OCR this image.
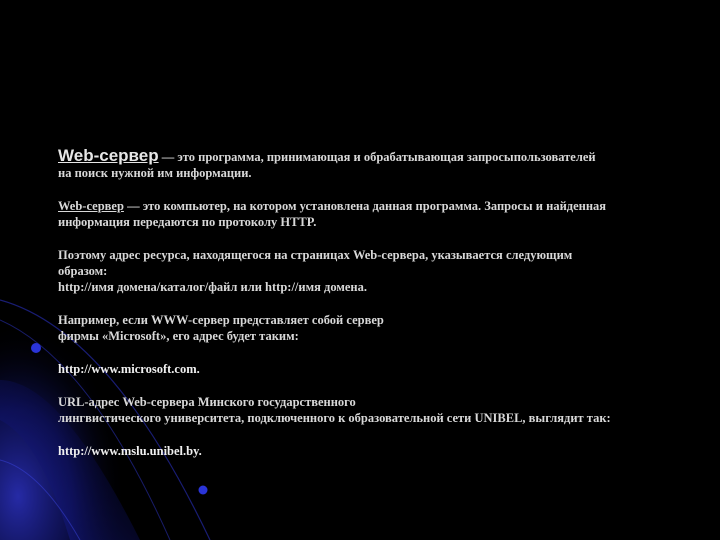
Web-сервер — это программа, принимающая и обрабатывающая запросыпользователей
на поиск нужной им информации.

Web-сервер — это компьютер, на котором установлена данная программа. Запросы и найденная
информация передаются по протоколу HTTP.

Поэтому адрес ресурса, находящегося на страницах Web-сервера, указывается следующим
образом:
http://имя домена/каталог/файл или http://имя домена.

Например, если WWW-сервер представляет собой сервер
фирмы «Microsoft», его адрес будет таким:

http://www.microsoft.com.

URL-адрес Web-сервера Минского государственного
лингвистического университета, подключенного к образовательной сети UNIBEL, выглядит так:

http://www.mslu.unibel.by.
